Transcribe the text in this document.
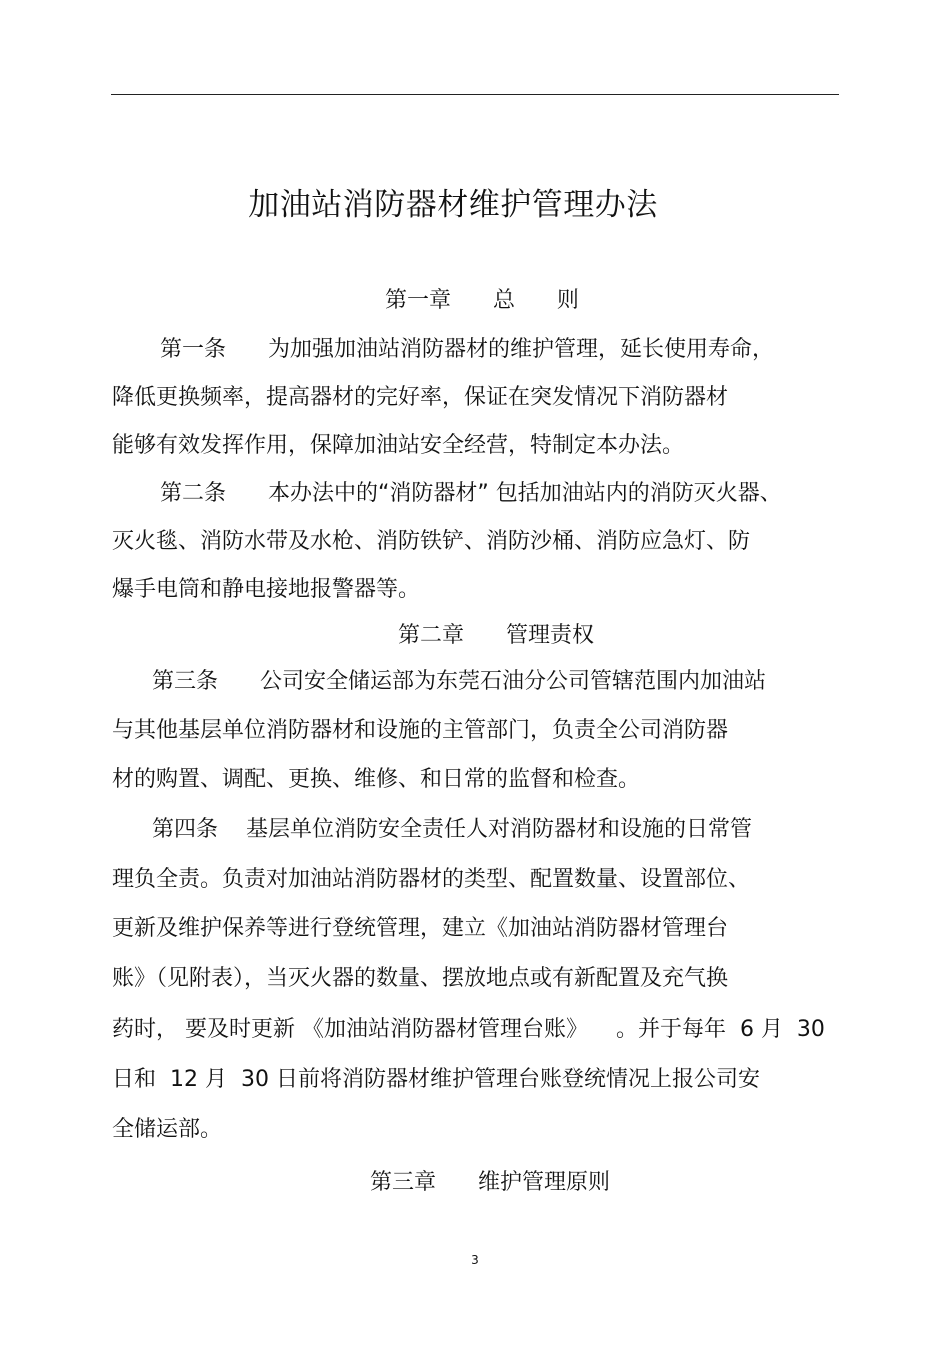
加油站消防器材维护管理办法
第一章      总      则
第一条      为加强加油站消防器材的维护管理，延长使用寿命，
降低更换频率，提高器材的完好率，保证在突发情况下消防器材
能够有效发挥作用，保障加油站安全经营，特制定本办法。
第二条      本办法中的“消防器材” 包括加油站内的消防灭火器、
灭火毯、消防水带及水枪、消防铁铲、消防沙桶、消防应急灯、防
爆手电筒和静电接地报警器等。
第二章      管理责权
第三条      公司安全储运部为东莞石油分公司管辖范围内加油站
与其他基层单位消防器材和设施的主管部门，负责全公司消防器
材的购置、调配、更换、维修、和日常的监督和检查。
第四条    基层单位消防安全责任人对消防器材和设施的日常管
理负全责。负责对加油站消防器材的类型、配置数量、设置部位、
更新及维护保养等进行登统管理，建立《加油站消防器材管理台
账》（见附表），当灭火器的数量、摆放地点或有新配置及充气换
药时， 要及时更新 《加油站消防器材管理台账》    。并于每年  6 月  30
日和  12 月  30 日前将消防器材维护管理台账登统情况上报公司安
全储运部。
第三章      维护管理原则
3
